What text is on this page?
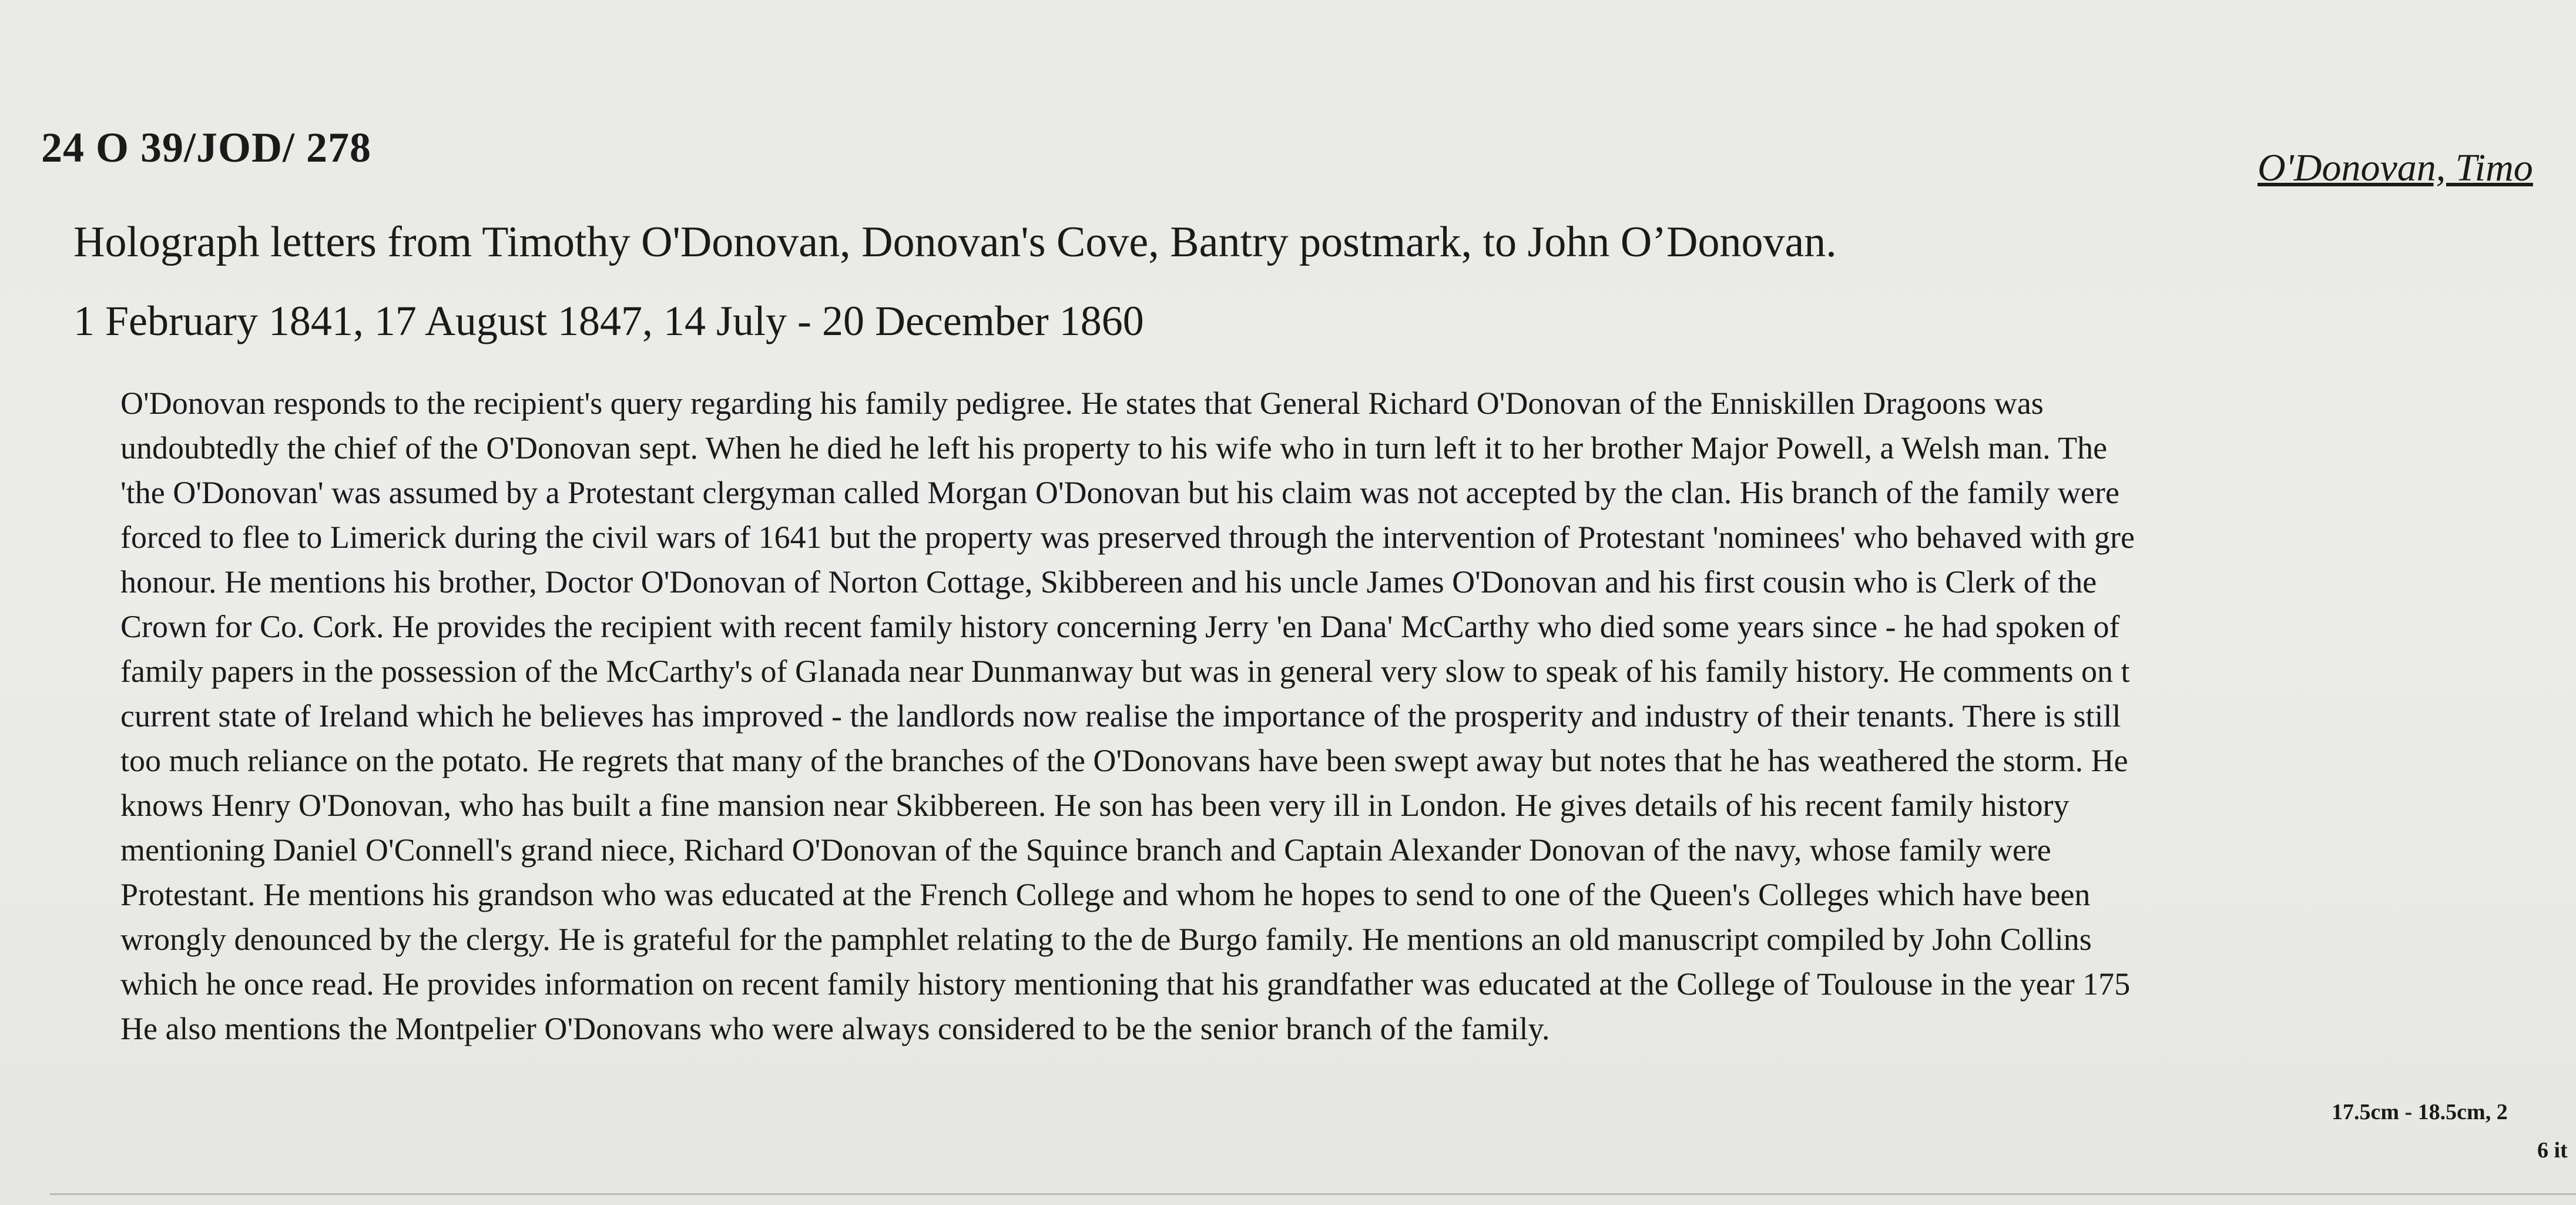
24 O 39/JOD/ 278	O'Donovan, Timo
Holograph letters from Timothy O'Donovan, Donovan's Cove, Bantry postmark, to John O’Donovan.
1 February 1841, 17 August 1847, 14 July - 20 December 1860
O'Donovan responds to the recipient's query regarding his family pedigree. He states that General Richard O'Donovan of the Enniskillen Dragoons was
undoubtedly the chief of the O'Donovan sept. When he died he left his property to his wife who in turn left it to her brother Major Powell, a Welsh man. The
'the O'Donovan' was assumed by a Protestant clergyman called Morgan O'Donovan but his claim was not accepted by the clan. His branch of the family were
forced to flee to Limerick during the civil wars of 1641 but the property was preserved through the intervention of Protestant 'nominees' who behaved with gre
honour. He mentions his brother, Doctor O'Donovan of Norton Cottage, Skibbereen and his uncle James O'Donovan and his first cousin who is Clerk of the
Crown for Co. Cork. He provides the recipient with recent family history concerning Jerry 'en Dana' McCarthy who died some years since - he had spoken of
family papers in the possession of the McCarthy's of Glanada near Dunmanway but was in general very slow to speak of his family history. He comments on t
current state of Ireland which he believes has improved - the landlords now realise the importance of the prosperity and industry of their tenants. There is still
too much reliance on the potato. He regrets that many of the branches of the O'Donovans have been swept away but notes that he has weathered the storm. He
knows Henry O'Donovan, who has built a fine mansion near Skibbereen. He son has been very ill in London. He gives details of his recent family history
mentioning Daniel O'Connell's grand niece, Richard O'Donovan of the Squince branch and Captain Alexander Donovan of the navy, whose family were
Protestant. He mentions his grandson who was educated at the French College and whom he hopes to send to one of the Queen's Colleges which have been
wrongly denounced by the clergy. He is grateful for the pamphlet relating to the de Burgo family. He mentions an old manuscript compiled by John Collins
which he once read. He provides information on recent family history mentioning that his grandfather was educated at the College of Toulouse in the year 175
He also mentions the Montpelier O'Donovans who were always considered to be the senior branch of the family.
17.5cm - 18.5cm, 2
6 it
